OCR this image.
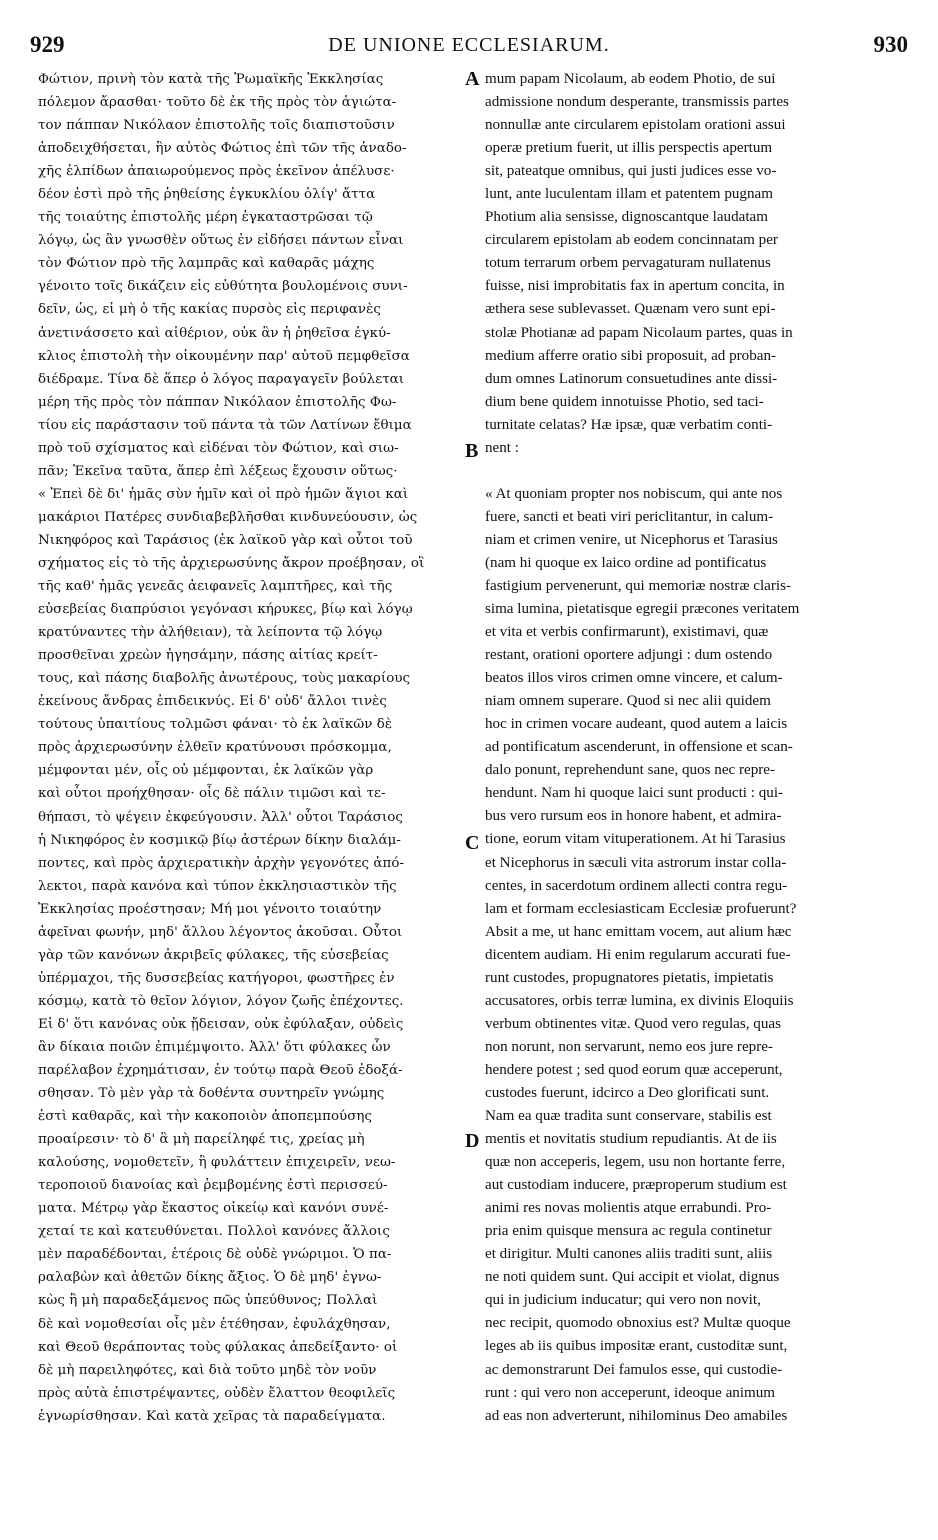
929	DE UNIONE ECCLESIARUM.	930
Φώτιον, πρινὴ τὸν κατὰ τῆς Ῥωμαϊκῆς Ἐκκλησίας
πόλεμον ἄρασθαι· τοῦτο δὲ ἐκ τῆς πρὸς τὸν ἁγιώτα-
τον πάππαν Νικόλαον ἐπιστολῆς τοῖς διαπιστοῦσιν
ἀποδειχθήσεται, ἣν αὐτὸς Φώτιος ἐπὶ τῶν τῆς ἀναδο-
χῆς ἐλπίδων ἀπαιωρούμενος πρὸς ἐκεῖνον ἀπέλυσε·
δέον ἐστὶ πρὸ τῆς ῥηθείσης ἐγκυκλίου ὀλίγ' ἄττα
τῆς τοιαύτης ἐπιστολῆς μέρη ἐγκαταστρῶσαι τῷ
λόγῳ, ὡς ἂν γνωσθὲν οὕτως ἐν εἰδήσει πάντων εἶναι
τὸν Φώτιον πρὸ τῆς λαμπρᾶς καὶ καθαρᾶς μάχης
γένοιτο τοῖς δικάζειν εἰς εὐθύτητα βουλομένοις συνι-
δεῖν, ὡς, εἰ μὴ ὁ τῆς κακίας πυρσὸς εἰς περιφανὲς
ἀνετινάσσετο καὶ αἰθέριον, οὐκ ἂν ἡ ῥηθεῖσα ἐγκύ-
κλιος ἐπιστολὴ τὴν οἰκουμένην παρ' αὐτοῦ πεμφθεῖσα
διέδραμε. Τίνα δὲ ἅπερ ὁ λόγος παραγαγεῖν βούλεται
μέρη τῆς πρὸς τὸν πάππαν Νικόλαον ἐπιστολῆς Φω-
τίου εἰς παράστασιν τοῦ πάντα τὰ τῶν Λατίνων ἔθιμα
πρὸ τοῦ σχίσματος καὶ εἰδέναι τὸν Φώτιον, καὶ σιω-
πᾶν; Ἐκεῖνα ταῦτα, ἅπερ ἐπὶ λέξεως ἔχουσιν οὕτως·
« Ἐπεὶ δὲ δι' ἡμᾶς σὺν ἡμῖν καὶ οἱ πρὸ ἡμῶν ἅγιοι καὶ
μακάριοι Πατέρες συνδιαβεβλῆσθαι κινδυνεύουσιν, ὡς
Νικηφόρος καὶ Ταράσιος (ἐκ λαϊκοῦ γὰρ καὶ οὗτοι τοῦ
σχήματος εἰς τὸ τῆς ἀρχιερωσύνης ἄκρον προέβησαν, οἳ
τῆς καθ' ἡμᾶς γενεᾶς ἀειφανεῖς λαμπτῆρες, καὶ τῆς
εὐσεβείας διαπρύσιοι γεγόνασι κήρυκες, βίῳ καὶ λόγῳ
κρατύναντες τὴν ἀλήθειαν), τὰ λείποντα τῷ λόγῳ
προσθεῖναι χρεὼν ἡγησάμην, πάσης αἰτίας κρείτ-
τους, καὶ πάσης διαβολῆς ἀνωτέρους, τοὺς μακαρίους
ἐκείνους ἄνδρας ἐπιδεικνύς. Εἰ δ' οὐδ' ἄλλοι τινὲς
τούτους ὑπαιτίους τολμῶσι φάναι· τὸ ἐκ λαϊκῶν δὲ
πρὸς ἀρχιερωσύνην ἐλθεῖν κρατύνουσι πρόσκομμα,
μέμφονται μέν, οἷς οὐ μέμφονται, ἐκ λαϊκῶν γὰρ
καὶ οὗτοι προήχθησαν· οἷς δὲ πάλιν τιμῶσι καὶ τε-
θήπασι, τὸ ψέγειν ἐκφεύγουσιν. Ἀλλ' οὗτοι Ταράσιος
ἡ Νικηφόρος ἐν κοσμικῷ βίῳ ἀστέρων δίκην διαλάμ-
ποντες, καὶ πρὸς ἀρχιερατικὴν ἀρχὴν γεγονότες ἀπό-
λεκτοι, παρὰ κανόνα καὶ τύπον ἐκκλησιαστικὸν τῆς
Ἐκκλησίας προέστησαν; Μή μοι γένοιτο τοιαύτην
ἀφεῖναι φωνήν, μηδ' ἄλλου λέγοντος ἀκοῦσαι. Οὗτοι
γὰρ τῶν κανόνων ἀκριβεῖς φύλακες, τῆς εὐσεβείας
ὑπέρμαχοι, τῆς δυσσεβείας κατήγοροι, φωστῆρες ἐν
κόσμῳ, κατὰ τὸ θεῖον λόγιον, λόγον ζωῆς ἐπέχοντες.
Εἰ δ' ὅτι κανόνας οὐκ ᾔδεισαν, οὐκ ἐφύλαξαν, οὐδεὶς
ἂν δίκαια ποιῶν ἐπιμέμψοιτο. Ἀλλ' ὅτι φύλακες ὧν
παρέλαβον ἐχρημάτισαν, ἐν τούτῳ παρὰ Θεοῦ ἐδοξά-
σθησαν. Τὸ μὲν γὰρ τὰ δοθέντα συντηρεῖν γνώμης
ἐστὶ καθαρᾶς, καὶ τὴν κακοποιὸν ἀποπεμπούσης
προαίρεσιν· τὸ δ' ἃ μὴ παρείληφέ τις, χρείας μὴ
καλούσης, νομοθετεῖν, ἢ φυλάττειν ἐπιχειρεῖν, νεω-
τεροποιοῦ διανοίας καὶ ῥεμβομένης ἐστὶ περισσεύ-
ματα. Μέτρῳ γὰρ ἕκαστος οἰκείῳ καὶ κανόνι συνέ-
χεταί τε καὶ κατευθύνεται. Πολλοὶ κανόνες ἄλλοις
μὲν παραδέδονται, ἑτέροις δὲ οὐδὲ γνώριμοι. Ὁ πα-
ραλαβὼν καὶ ἀθετῶν δίκης ἄξιος. Ὁ δὲ μηδ' ἐγνω-
κὼς ἢ μὴ παραδεξάμενος πῶς ὑπεύθυνος; Πολλαὶ
δὲ καὶ νομοθεσίαι οἷς μὲν ἐτέθησαν, ἐφυλάχθησαν,
καὶ Θεοῦ θεράποντας τοὺς φύλακας ἀπεδείξαντο· οἱ
δὲ μὴ παρειληφότες, καὶ διὰ τοῦτο μηδὲ τὸν νοῦν
πρὸς αὐτὰ ἐπιστρέψαντες, οὐδὲν ἔλαττον θεοφιλεῖς
ἐγνωρίσθησαν. Καὶ κατὰ χεῖρας τὰ παραδείγματα.
mum papam Nicolaum, ab eodem Photio, de sui
admissione nondum desperante, transmissis partes
nonnullæ ante circularem epistolam orationi assui
operæ pretium fuerit, ut illis perspectis apertum
sit, pateatque omnibus, qui justi judices esse vo-
lunt, ante luculentam illam et patentem pugnam
Photium alia sensisse, dignoscantque laudatam
circularem epistolam ab eodem concinnatam per
totum terrarum orbem pervagaturam nullatenus
fuisse, nisi improbitatis fax in apertum concita, in
æthera sese sublevasset. Quænam vero sunt epi-
stolæ Photianæ ad papam Nicolaum partes, quas in
medium afferre oratio sibi proposuit, ad proban-
dum omnes Latinorum consuetudines ante dissi-
dium bene quidem innotuisse Photio, sed taci-
turnitate celatas? Hæ ipsæ, quæ verbatim conti-
nent :
« At quoniam propter nos nobiscum, qui ante nos
fuere, sancti et beati viri periclitantur, in calum-
niam et crimen venire, ut Nicephorus et Tarasius
(nam hi quoque ex laico ordine ad pontificatus
fastigium pervenerunt, qui memoriæ nostræ claris-
sima lumina, pietatisque egregii præcones veritatem
et vita et verbis confirmarunt), existimavi, quæ
restant, orationi oportere adjungi : dum ostendo
beatos illos viros crimen omne vincere, et calum-
niam omnem superare. Quod si nec alii quidem
hoc in crimen vocare audeant, quod autem a laicis
ad pontificatum ascenderunt, in offensione et scan-
dalo ponunt, reprehendunt sane, quos nec repre-
hendunt. Nam hi quoque laici sunt producti : qui-
bus vero rursum eos in honore habent, et admira-
tione, eorum vitam vituperationem. At hi Tarasius
et Nicephorus in sæculi vita astrorum instar colla-
centes, in sacerdotum ordinem allecti contra regu-
lam et formam ecclesiasticam Ecclesiæ profuerunt?
Absit a me, ut hanc emittam vocem, aut alium hæc
dicentem audiam. Hi enim regularum accurati fue-
runt custodes, propugnatores pietatis, impietatis
accusatores, orbis terræ lumina, ex divinis Eloquiis
verbum obtinentes vitæ. Quod vero regulas, quas
non norunt, non servarunt, nemo eos jure repre-
hendere potest ; sed quod eorum quæ acceperunt,
custodes fuerunt, idcirco a Deo glorificati sunt.
Nam ea quæ tradita sunt conservare, stabilis est
mentis et novitatis studium repudiantis. At de iis
quæ non acceperis, legem, usu non hortante ferre,
aut custodiam inducere, præproperum studium est
animi res novas molientis atque errabundi. Pro-
pria enim quisque mensura ac regula continetur
et dirigitur. Multi canones aliis traditi sunt, aliis
ne noti quidem sunt. Qui accipit et violat, dignus
qui in judicium inducatur; qui vero non novit,
nec recipit, quomodo obnoxius est? Multæ quoque
leges ab iis quibus impositæ erant, custoditæ sunt,
ac demonstrarunt Dei famulos esse, qui custodie-
runt : qui vero non acceperunt, ideoque animum
ad eas non adverterunt, nihilominus Deo amabiles
A
B
C
D
